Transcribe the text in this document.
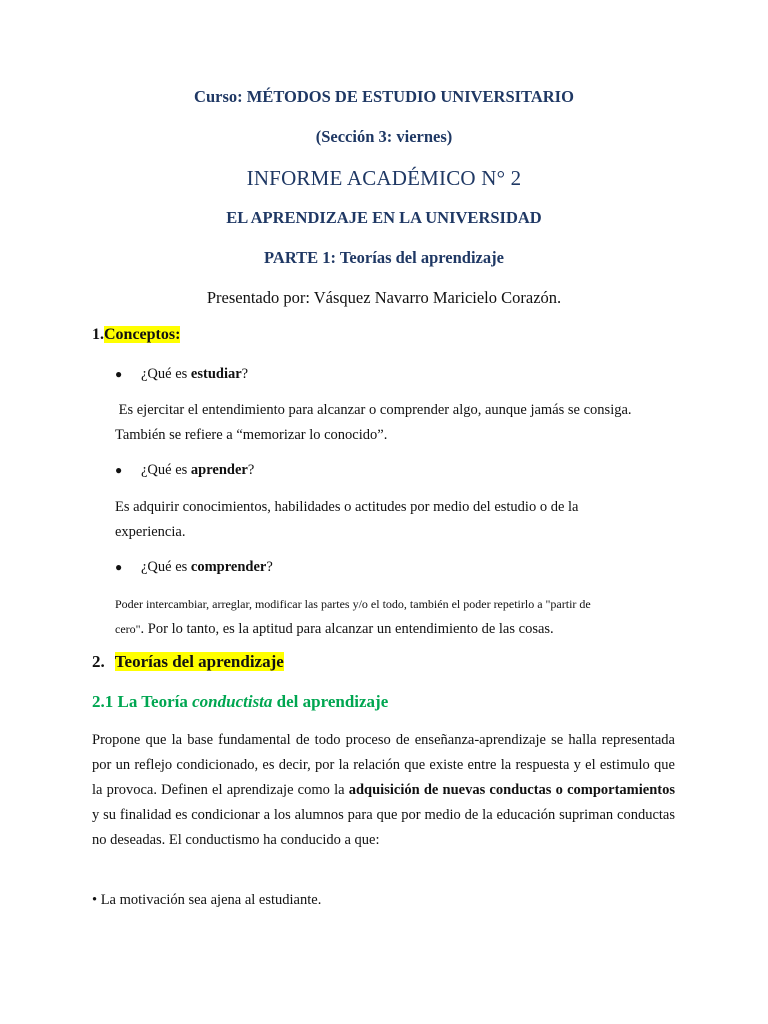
Curso: MÉTODOS DE ESTUDIO UNIVERSITARIO

(Sección 3: viernes)

INFORME ACADÉMICO N° 2

EL APRENDIZAJE EN LA UNIVERSIDAD

PARTE 1: Teorías del aprendizaje

Presentado por: Vásquez Navarro Maricielo Corazón.

1.Conceptos:

● ¿Qué es estudiar?

Es ejercitar el entendimiento para alcanzar o comprender algo, aunque jamás se consiga.
También se refiere a “memorizar lo conocido”.

● ¿Qué es aprender?

Es adquirir conocimientos, habilidades o actitudes por medio del estudio o de la
experiencia.

● ¿Qué es comprender?

Poder intercambiar, arreglar, modificar las partes y/o el todo, también el poder repetirlo a "partir de
cero". Por lo tanto, es la aptitud para alcanzar un entendimiento de las cosas.

2. Teorías del aprendizaje

2.1 La Teoría conductista del aprendizaje

Propone que la base fundamental de todo proceso de enseñanza-aprendizaje se halla representada por un reflejo condicionado, es decir, por la relación que existe entre la respuesta y el estimulo que la provoca. Definen el aprendizaje como la adquisición de nuevas conductas o comportamientos y su finalidad es condicionar a los alumnos para que por medio de la educación supriman conductas no deseadas. El conductismo ha conducido a que:

• La motivación sea ajena al estudiante.
